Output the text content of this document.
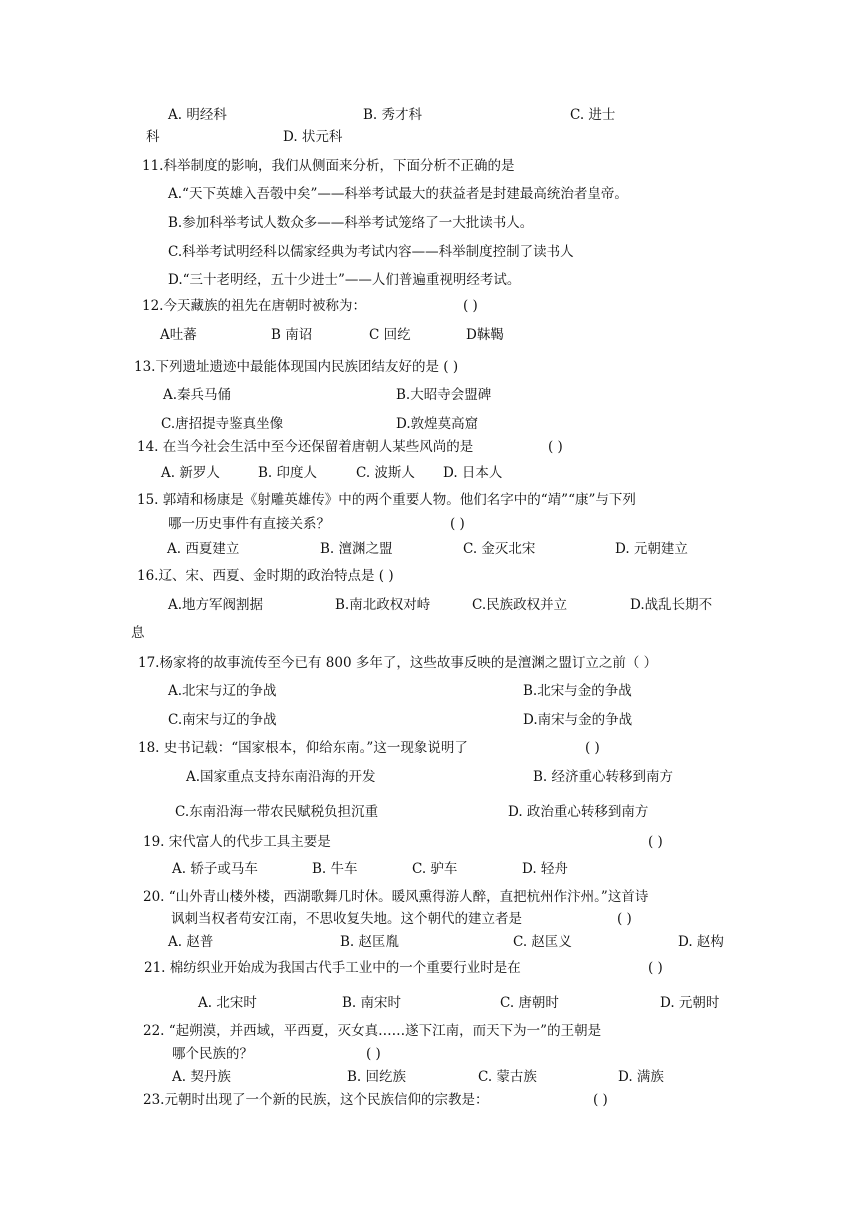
A. 明经科	B. 秀才科	C. 进士
科	D. 状元科
11.科举制度的影响，我们从侧面来分析，下面分析不正确的是
A.“天下英雄入吾彀中矣”——科举考试最大的获益者是封建最高统治者皇帝。
B.参加科举考试人数众多——科举考试笼络了一大批读书人。
C.科举考试明经科以儒家经典为考试内容——科举制度控制了读书人
D.“三十老明经，五十少进士”——人们普遍重视明经考试。
12.今天藏族的祖先在唐朝时被称为：	( )
A吐蕃	B 南诏	C 回纥	D靺鞨
13.下列遗址遗迹中最能体现国内民族团结友好的是 ( )
A.秦兵马俑	B.大昭寺会盟碑
C.唐招提寺鉴真坐像	D.敦煌莫高窟
14. 在当今社会生活中至今还保留着唐朝人某些风尚的是	( )
A. 新罗人	B. 印度人	C. 波斯人 D. 日本人
15. 郭靖和杨康是《射雕英雄传》中的两个重要人物。他们名字中的“靖”“康”与下列
哪一历史事件有直接关系？	( )
A. 西夏建立	B. 澶渊之盟	C. 金灭北宋	D. 元朝建立
16.辽、宋、西夏、金时期的政治特点是 ( )
A.地方军阀割据	B.南北政权对峙	C.民族政权并立	D.战乱长期不
息
17.杨家将的故事流传至今已有 800 多年了，这些故事反映的是澶渊之盟订立之前（ ）
A.北宋与辽的争战	B.北宋与金的争战
C.南宋与辽的争战	D.南宋与金的争战
18. 史书记载：“国家根本，仰给东南。”这一现象说明了	( )
A.国家重点支持东南沿海的开发	B. 经济重心转移到南方
C.东南沿海一带农民赋税负担沉重	D. 政治重心转移到南方
19. 宋代富人的代步工具主要是	( )
A. 轿子或马车	B. 牛车	C. 驴车	D. 轻舟
20. “山外青山楼外楼，西湖歌舞几时休。暖风熏得游人醉，直把杭州作汴州。”这首诗
讽刺当权者苟安江南，不思收复失地。这个朝代的建立者是	( )
A. 赵普	B. 赵匡胤	C. 赵匡义	D. 赵构
21. 棉纺织业开始成为我国古代手工业中的一个重要行业时是在	( )
A. 北宋时	B. 南宋时	C. 唐朝时	D. 元朝时
22. “起朔漠，并西域，平西夏，灭女真……遂下江南，而天下为一”的王朝是
哪个民族的？	( )
A. 契丹族	B. 回纥族	C. 蒙古族	D. 满族
23.元朝时出现了一个新的民族，这个民族信仰的宗教是：	( )
